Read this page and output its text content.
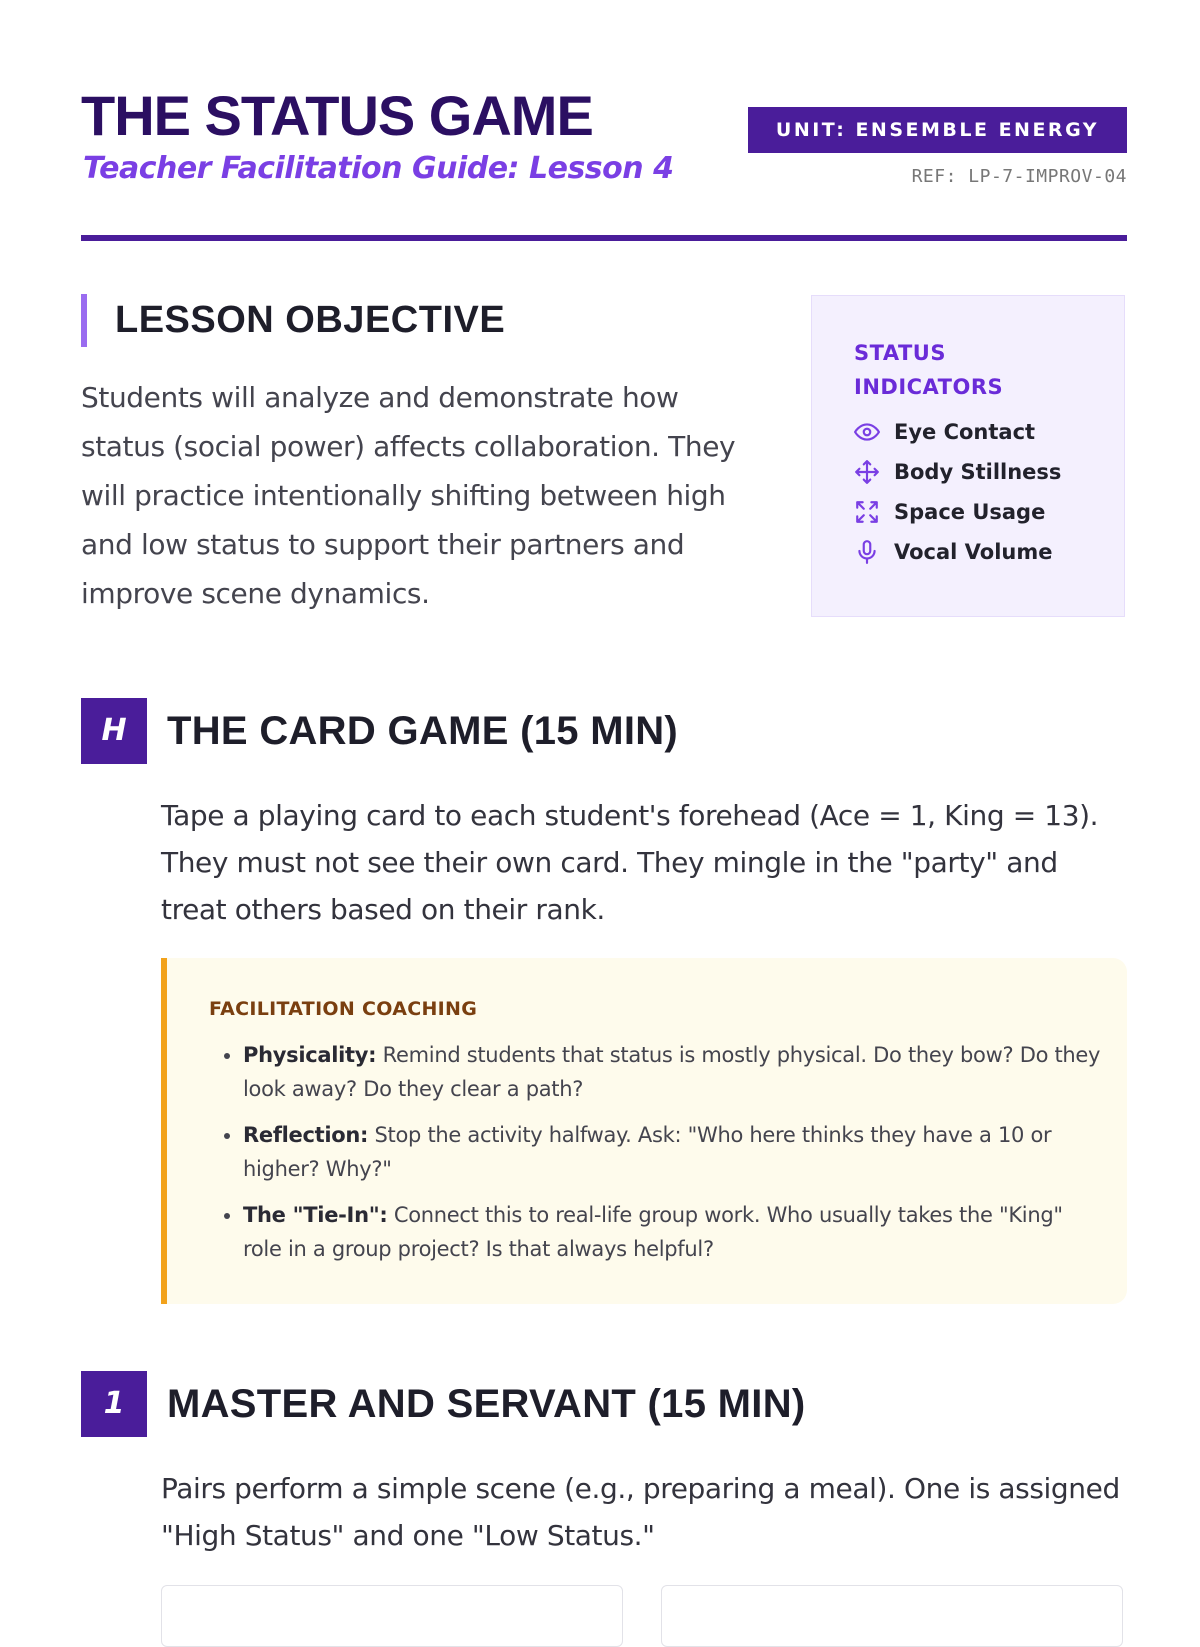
THE STATUS GAME
Teacher Facilitation Guide: Lesson 4
UNIT: ENSEMBLE ENERGY
REF: LP-7-IMPROV-04
LESSON OBJECTIVE

Students will analyze and demonstrate how status (social power) affects collaboration. They will practice intentionally shifting between high and low status to support their partners and improve scene dynamics.

STATUS INDICATORS
Eye Contact
Body Stillness
Space Usage
Vocal Volume
H	THE CARD GAME (15 MIN)

Tape a playing card to each student's forehead (Ace = 1, King = 13). They must not see their own card. They mingle in the "party" and treat others based on their rank.

FACILITATION COACHING
• Physicality: Remind students that status is mostly physical. Do they bow? Do they look away? Do they clear a path?
• Reflection: Stop the activity halfway. Ask: "Who here thinks they have a 10 or higher? Why?"
• The "Tie-In": Connect this to real-life group work. Who usually takes the "King" role in a group project? Is that always helpful?
1	MASTER AND SERVANT (15 MIN)

Pairs perform a simple scene (e.g., preparing a meal). One is assigned "High Status" and one "Low Status."
